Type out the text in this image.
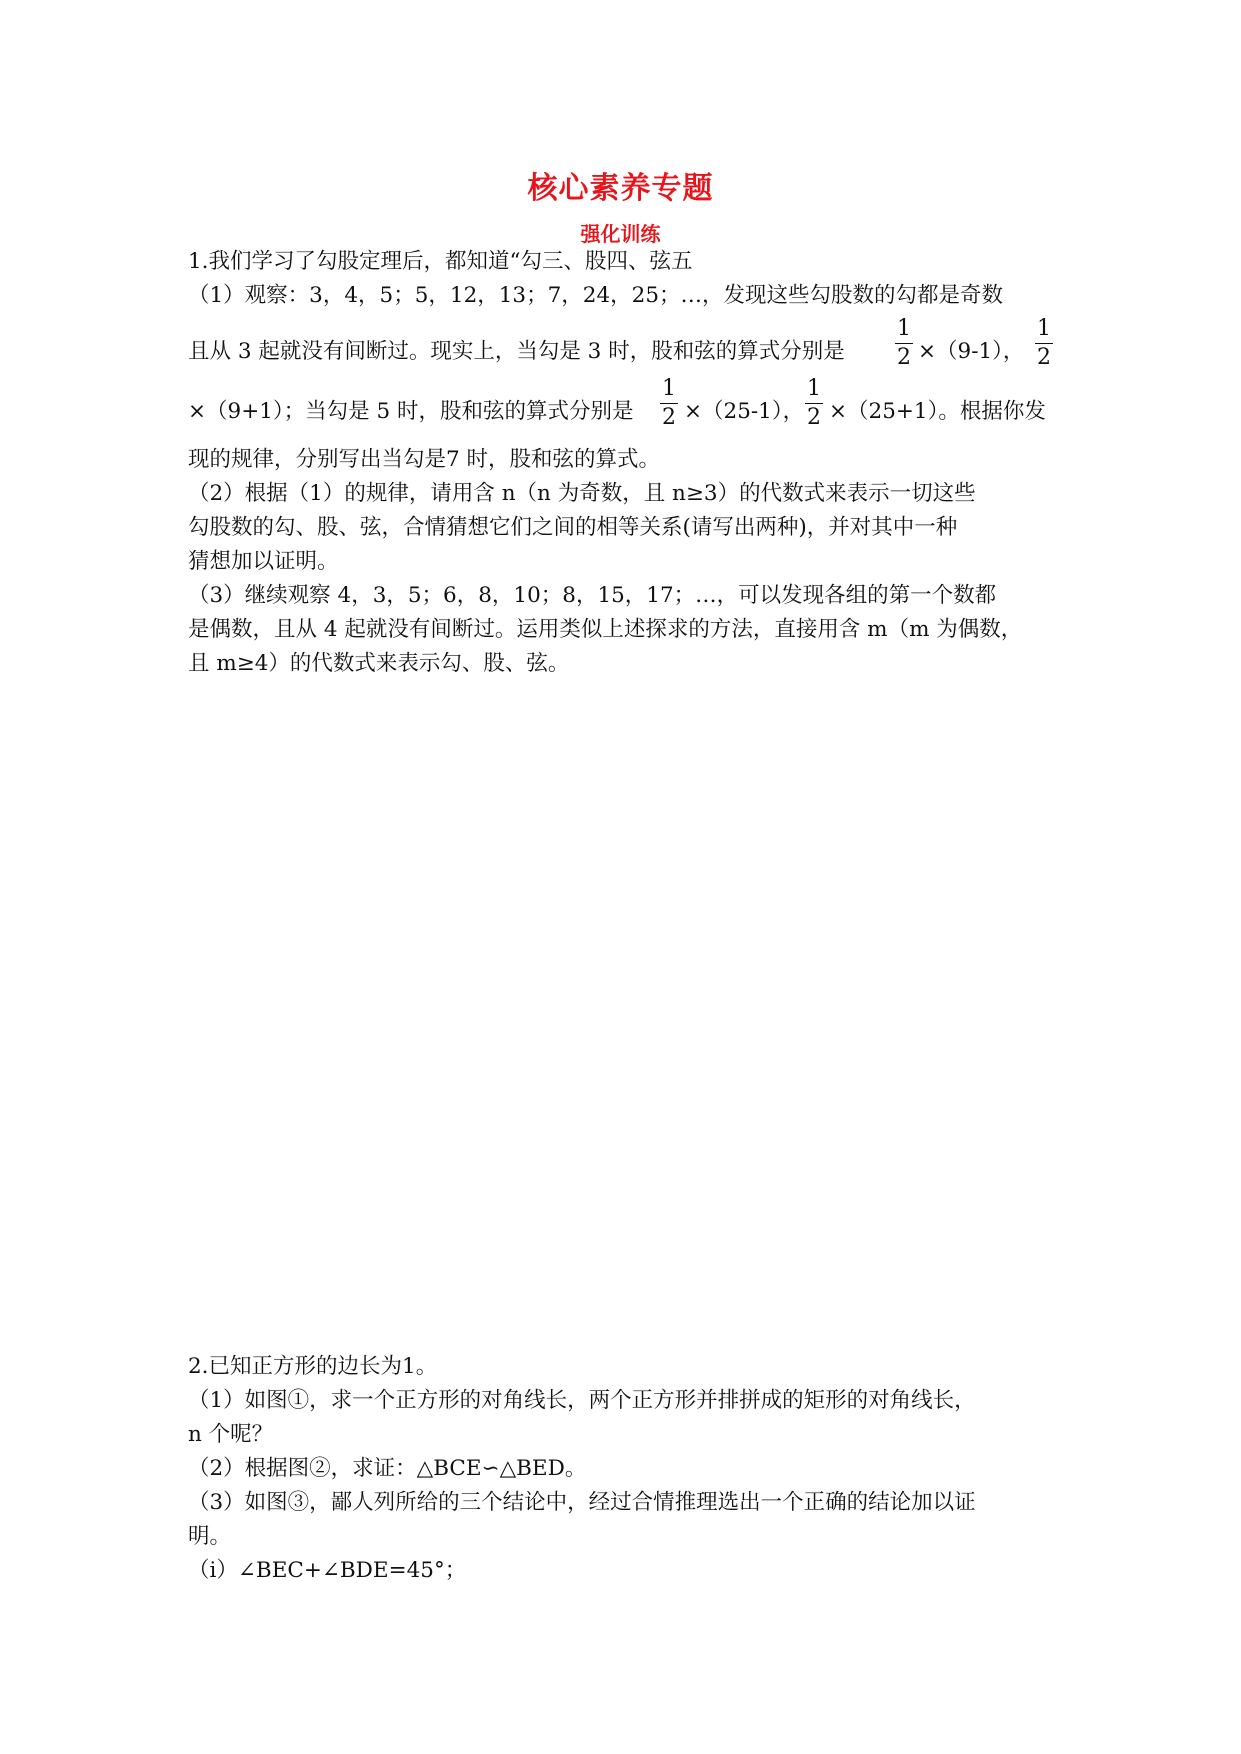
核心素养专题
强化训练
1.我们学习了勾股定理后，都知道“勾三、股四、弦五
（1）观察：3，4，5；5，12，13；7，24，25；…，发现这些勾股数的勾都是奇数
且从 3 起就没有间断过。现实上，当勾是 3 时，股和弦的算式分别是
1
2 ×（9-1），
1
2
×（9+1）；当勾是 5 时，股和弦的算式分别是
1
2 ×（25-1），
1
2 ×（25+1）。根据你发
现的规律，分别写出当勾是7 时，股和弦的算式。
（2）根据（1）的规律，请用含 n（n 为奇数，且 n≥3）的代数式来表示一切这些
勾股数的勾、股、弦，合情猜想它们之间的相等关系(请写出两种)，并对其中一种
猜想加以证明。
（3）继续观察 4，3，5；6，8，10；8，15，17；…，可以发现各组的第一个数都
是偶数，且从 4 起就没有间断过。运用类似上述探求的方法，直接用含 m（m 为偶数，
且 m≥4）的代数式来表示勾、股、弦。
2.已知正方形的边长为1。
（1）如图①，求一个正方形的对角线长，两个正方形并排拼成的矩形的对角线长，
n 个呢？
（2）根据图②，求证：△BCE∽△BED。
（3）如图③，鄙人列所给的三个结论中，经过合情推理选出一个正确的结论加以证
明。
（ⅰ）∠BEC+∠BDE=45°；
